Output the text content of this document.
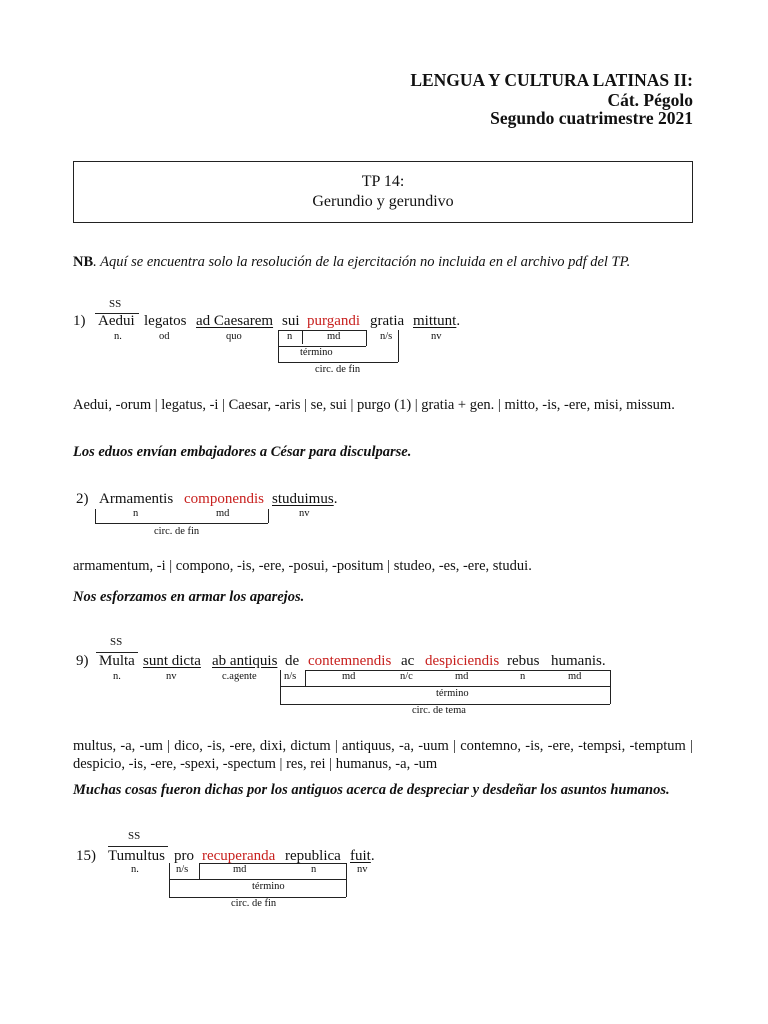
LENGUA Y CULTURA LATINAS II:
Cát. Pégolo
Segundo cuatrimestre 2021
TP 14:
Gerundio y gerundivo
NB. Aquí se encuentra solo la resolución de la ejercitación no incluida en el archivo pdf del TP.
SS
1) Aedui legatos ad Caesarem sui purgandi gratia mittunt.
n.	od	quo	n	md	n/s	nv
término
circ. de fin
Aedui, -orum | legatus, -i | Caesar, -aris | se, sui | purgo (1) | gratia + gen. | mitto, -is, -ere, misi, missum.
Los eduos envían embajadores a César para disculparse.
2) Armamentis componendis studuimus.
n	md	nv
circ. de fin
armamentum, -i | compono, -is, -ere, -posui, -positum | studeo, -es, -ere, studui.
Nos esforzamos en armar los aparejos.
SS
9) Multa sunt dicta ab antiquis de contemnendis ac despiciendis rebus humanis.
n.	nv	c.agente	n/s	md	n/c	md	n	md
término
circ. de tema
multus, -a, -um | dico, -is, -ere, dixi, dictum | antiquus, -a, -uum | contemno, -is, -ere, -tempsi, -temptum | despicio, -is, -ere, -spexi, -spectum | res, rei | humanus, -a, -um
Muchas cosas fueron dichas por los antiguos acerca de despreciar y desdeñar los asuntos humanos.
SS
15) Tumultus pro recuperanda republica fuit.
n.	n/s	md	n	nv
término
circ. de fin
